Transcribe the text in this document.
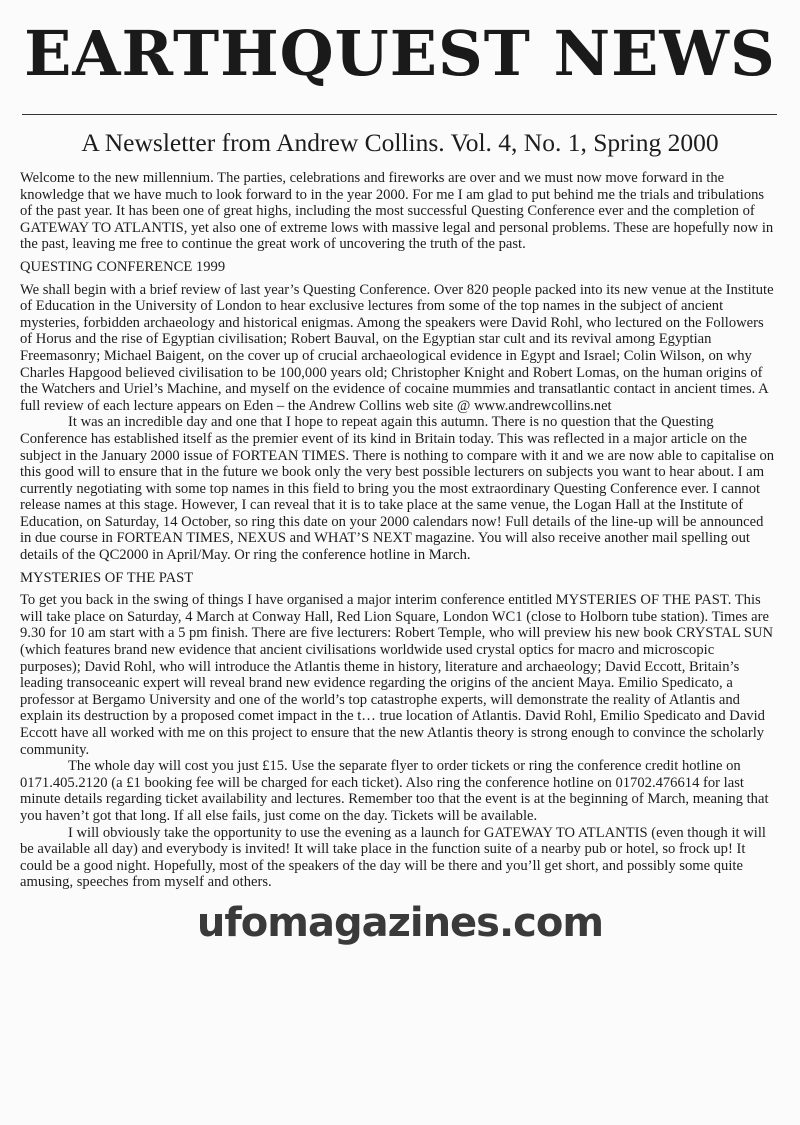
EARTHQUEST NEWS
A Newsletter from Andrew Collins. Vol. 4, No. 1, Spring 2000

Welcome to the new millennium. The parties, celebrations and fireworks are over and we must now move forward in the knowledge that we have much to look forward to in the year 2000. For me I am glad to put behind me the trials and tribulations of the past year. It has been one of great highs, including the most successful Questing Conference ever and the completion of GATEWAY TO ATLANTIS, yet also one of extreme lows with massive legal and personal problems. These are hopefully now in the past, leaving me free to continue the great work of uncovering the truth of the past.

QUESTING CONFERENCE 1999

We shall begin with a brief review of last year’s Questing Conference. Over 820 people packed into its new venue at the Institute of Education in the University of London to hear exclusive lectures from some of the top names in the subject of ancient mysteries, forbidden archaeology and historical enigmas. Among the speakers were David Rohl, who lectured on the Followers of Horus and the rise of Egyptian civilisation; Robert Bauval, on the Egyptian star cult and its revival among Egyptian Freemasonry; Michael Baigent, on the cover up of crucial archaeological evidence in Egypt and Israel; Colin Wilson, on why Charles Hapgood believed civilisation to be 100,000 years old; Christopher Knight and Robert Lomas, on the human origins of the Watchers and Uriel’s Machine, and myself on the evidence of cocaine mummies and transatlantic contact in ancient times. A full review of each lecture appears on Eden – the Andrew Collins web site @ www.andrewcollins.net

It was an incredible day and one that I hope to repeat again this autumn. There is no question that the Questing Conference has established itself as the premier event of its kind in Britain today. This was reflected in a major article on the subject in the January 2000 issue of FORTEAN TIMES. There is nothing to compare with it and we are now able to capitalise on this good will to ensure that in the future we book only the very best possible lecturers on subjects you want to hear about. I am currently negotiating with some top names in this field to bring you the most extraordinary Questing Conference ever. I cannot release names at this stage. However, I can reveal that it is to take place at the same venue, the Logan Hall at the Institute of Education, on Saturday, 14 October, so ring this date on your 2000 calendars now! Full details of the line-up will be announced in due course in FORTEAN TIMES, NEXUS and WHAT’S NEXT magazine. You will also receive another mail spelling out details of the QC2000 in April/May. Or ring the conference hotline in March.

MYSTERIES OF THE PAST

To get you back in the swing of things I have organised a major interim conference entitled MYSTERIES OF THE PAST. This will take place on Saturday, 4 March at Conway Hall, Red Lion Square, London WC1 (close to Holborn tube station). Times are 9.30 for 10 am start with a 5 pm finish. There are five lecturers: Robert Temple, who will preview his new book CRYSTAL SUN (which features brand new evidence that ancient civilisations worldwide used crystal optics for macro and microscopic purposes); David Rohl, who will introduce the Atlantis theme in history, literature and archaeology; David Eccott, Britain’s leading transoceanic expert will reveal brand new evidence regarding the origins of the ancient Maya. Emilio Spedicato, a professor at Bergamo University and one of the world’s top catastrophe experts, will demonstrate the reality of Atlantis and explain its destruction by a proposed comet impact in the t… true location of Atlantis. David Rohl, Emilio Spedicato and David Eccott have all worked with me on this project to ensure that the new Atlantis theory is strong enough to convince the scholarly community.

The whole day will cost you just £15. Use the separate flyer to order tickets or ring the conference credit hotline on 0171.405.2120 (a £1 booking fee will be charged for each ticket). Also ring the conference hotline on 01702.476614 for last minute details regarding ticket availability and lectures. Remember too that the event is at the beginning of March, meaning that you haven’t got that long. If all else fails, just come on the day. Tickets will be available.

I will obviously take the opportunity to use the evening as a launch for GATEWAY TO ATLANTIS (even though it will be available all day) and everybody is invited! It will take place in the function suite of a nearby pub or hotel, so frock up! It could be a good night. Hopefully, most of the speakers of the day will be there and you’ll get short, and possibly some quite amusing, speeches from myself and others.

ufomagazines.com
